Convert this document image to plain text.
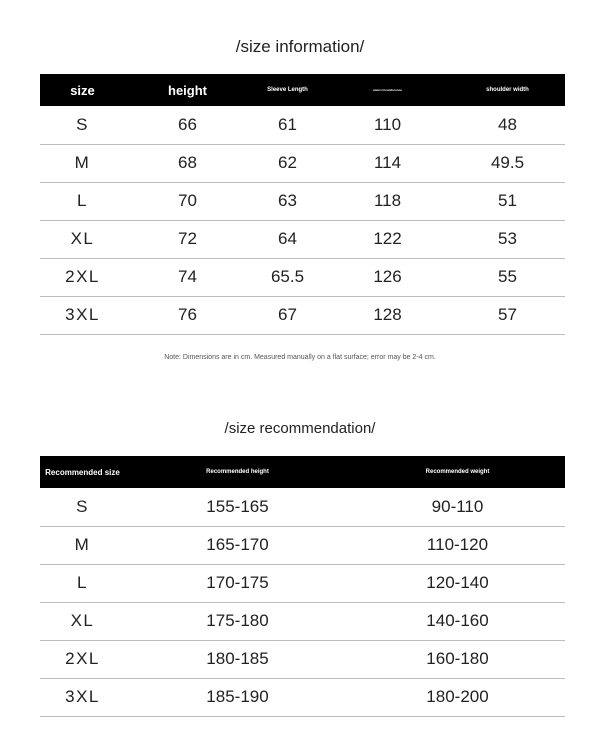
/size information/
size	height	Sleeve Length	waist circumference	shoulder width
S	66	61	110	48
M	68	62	114	49.5
L	70	63	118	51
XL	72	64	122	53
2XL	74	65.5	126	55
3XL	76	67	128	57
Note: Dimensions are in cm. Measured manually on a flat surface; error may be 2-4 cm.
/size recommendation/
Recommended size	Recommended height	Recommended weight
S	155-165	90-110
M	165-170	110-120
L	170-175	120-140
XL	175-180	140-160
2XL	180-185	160-180
3XL	185-190	180-200
